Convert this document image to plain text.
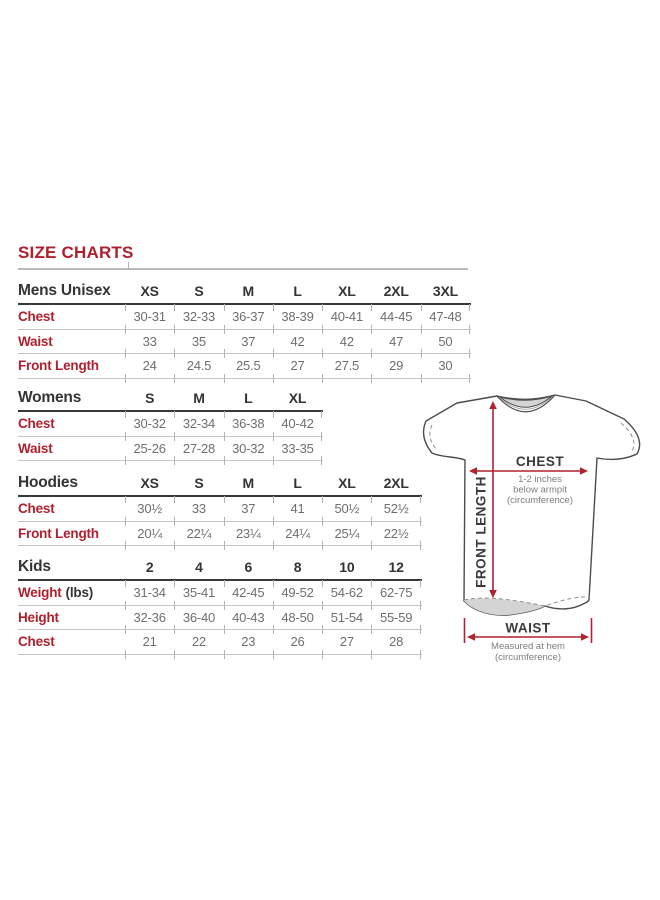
SIZE CHARTS
Mens Unisex	XS	S	M	L	XL	2XL	3XL
Chest	30-31	32-33	36-37	38-39	40-41	44-45	47-48
Waist	33	35	37	42	42	47	50
Front Length	24	24.5	25.5	27	27.5	29	30
Womens	S	M	L	XL
Chest	30-32	32-34	36-38	40-42
Waist	25-26	27-28	30-32	33-35
Hoodies	XS	S	M	L	XL	2XL
Chest	30½	33	37	41	50½	52½
Front Length	20¼	22¼	23¼	24¼	25¼	22½
Kids	2	4	6	8	10	12
Weight (lbs)	31-34	35-41	42-45	49-52	54-62	62-75
Height	32-36	36-40	40-43	48-50	51-54	55-59
Chest	21	22	23	26	27	28
CHEST
1-2 inches
below armpit
(circumference)
FRONT LENGTH
WAIST
Measured at hem
(circumference)
